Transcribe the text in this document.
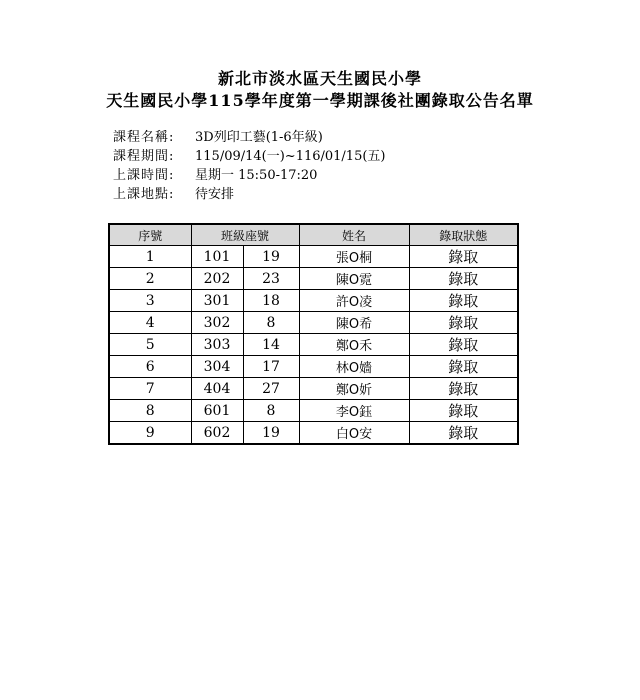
新北市淡水區天生國民小學
天生國民小學115學年度第一學期課後社團錄取公告名單
課程名稱:	3D列印工藝(1-6年級)
課程期間:	115/09/14(一)~116/01/15(五)
上課時間:	星期一 15:50-17:20
上課地點:	待安排
序號	班級座號		姓名	錄取狀態
1	101	19	張O桐	錄取
2	202	23	陳O霓	錄取
3	301	18	許O凌	錄取
4	302	8	陳O希	錄取
5	303	14	鄭O禾	錄取
6	304	17	林O嬙	錄取
7	404	27	鄭O妡	錄取
8	601	8	李O鈺	錄取
9	602	19	白O安	錄取
